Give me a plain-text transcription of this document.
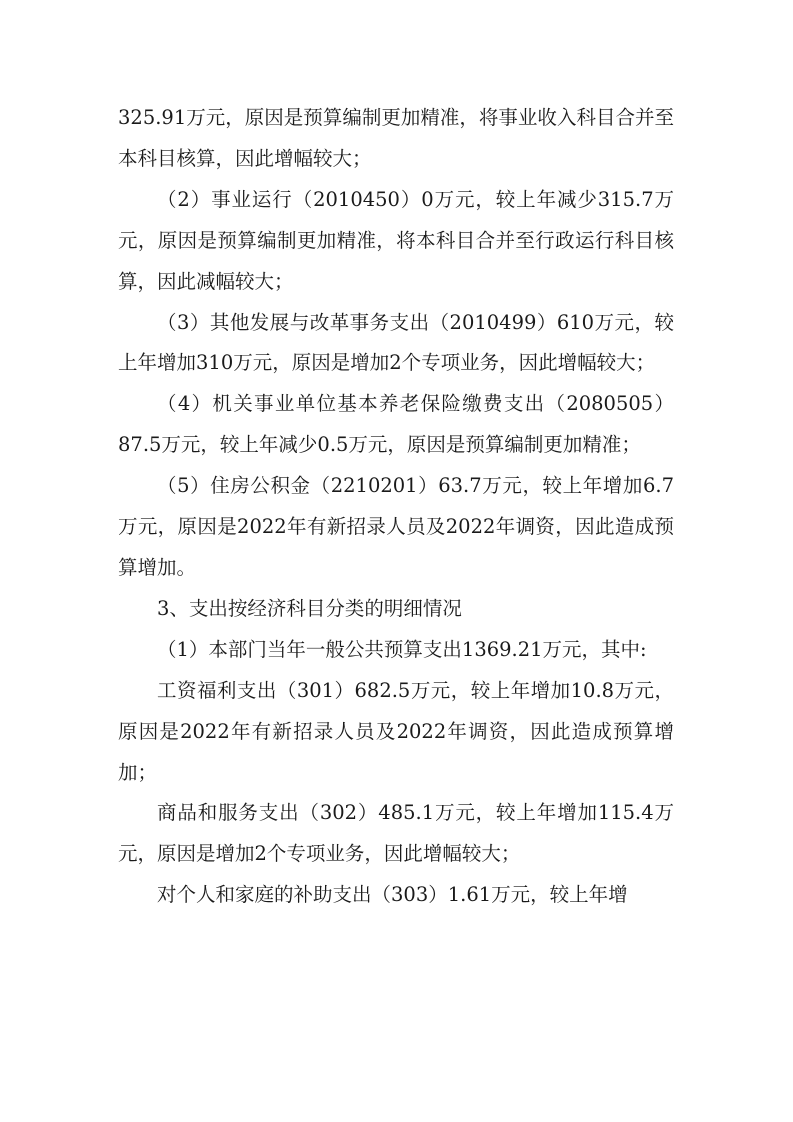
325.91万元，原因是预算编制更加精准，将事业收入科目合并至本科目核算，因此增幅较大；

（2）事业运行（2010450）0万元，较上年减少315.7万元，原因是预算编制更加精准，将本科目合并至行政运行科目核算，因此减幅较大；

（3）其他发展与改革事务支出（2010499）610万元，较上年增加310万元，原因是增加2个专项业务，因此增幅较大；

（4）机关事业单位基本养老保险缴费支出（2080505）87.5万元，较上年减少0.5万元，原因是预算编制更加精准；

（5）住房公积金（2210201）63.7万元，较上年增加6.7万元，原因是2022年有新招录人员及2022年调资，因此造成预算增加。

3、支出按经济科目分类的明细情况

（1）本部门当年一般公共预算支出1369.21万元，其中:

工资福利支出（301）682.5万元，较上年增加10.8万元，原因是2022年有新招录人员及2022年调资，因此造成预算增加；

商品和服务支出（302）485.1万元，较上年增加115.4万元，原因是增加2个专项业务，因此增幅较大；

对个人和家庭的补助支出（303）1.61万元，较上年增
